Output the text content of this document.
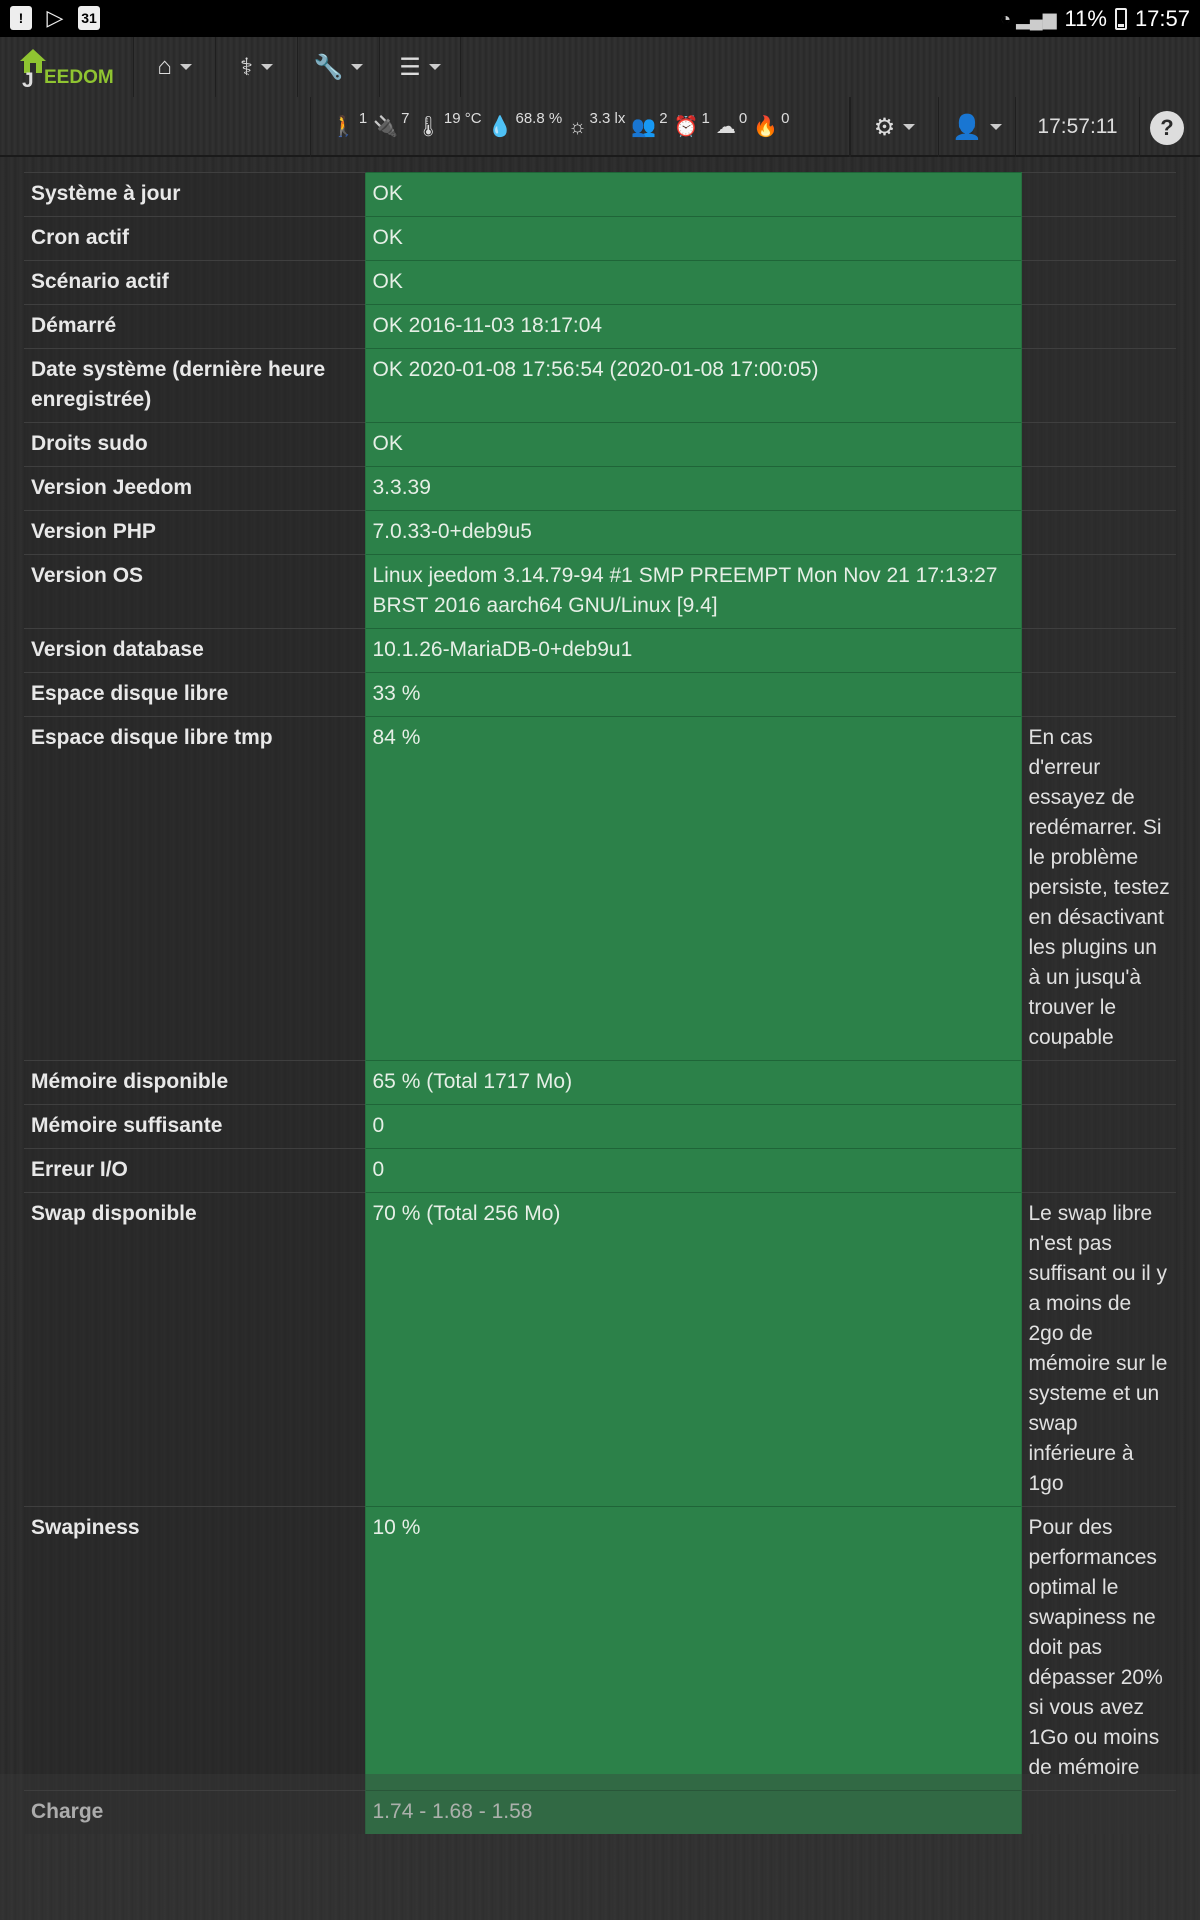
!	▷ 31	◔ ▂▄▆ 11% 17:57
J EEDOM ⌂	⚕	🔧 ☰
🚶 1 🔌 7 🌡 19 °C 💧 68.8 % ☼ 3.3 lx 👥 2 ⏰ 1 ☁ 0 🔥 0	⚙ 👤	17:57:11	?
Système à jour	OK	
Cron actif	OK	
Scénario actif	OK	
Démarré	OK 2016-11-03 18:17:04	
Date système (dernière heure enregistrée)	OK 2020-01-08 17:56:54 (2020-01-08 17:00:05)	
Droits sudo	OK	
Version Jeedom	3.3.39	
Version PHP	7.0.33-0+deb9u5	
Version OS	Linux jeedom 3.14.79-94 #1 SMP PREEMPT Mon Nov 21 17:13:27 BRST 2016 aarch64 GNU/Linux [9.4]	
Version database	10.1.26-MariaDB-0+deb9u1	
Espace disque libre	33 %	
Espace disque libre tmp	84 %	En cas d'erreur essayez de redémarrer. Si le problème persiste, testez en désactivant les plugins un à un jusqu'à trouver le coupable
Mémoire disponible	65 % (Total 1717 Mo)	
Mémoire suffisante	0	
Erreur I/O	0	
Swap disponible	70 % (Total 256 Mo)	Le swap libre n'est pas suffisant ou il y a moins de 2go de mémoire sur le systeme et un swap inférieure à 1go
Swapiness	10 %	Pour des performances optimal le swapiness ne doit pas dépasser 20% si vous avez 1Go ou moins de mémoire
Charge	1.74 - 1.68 - 1.58	
